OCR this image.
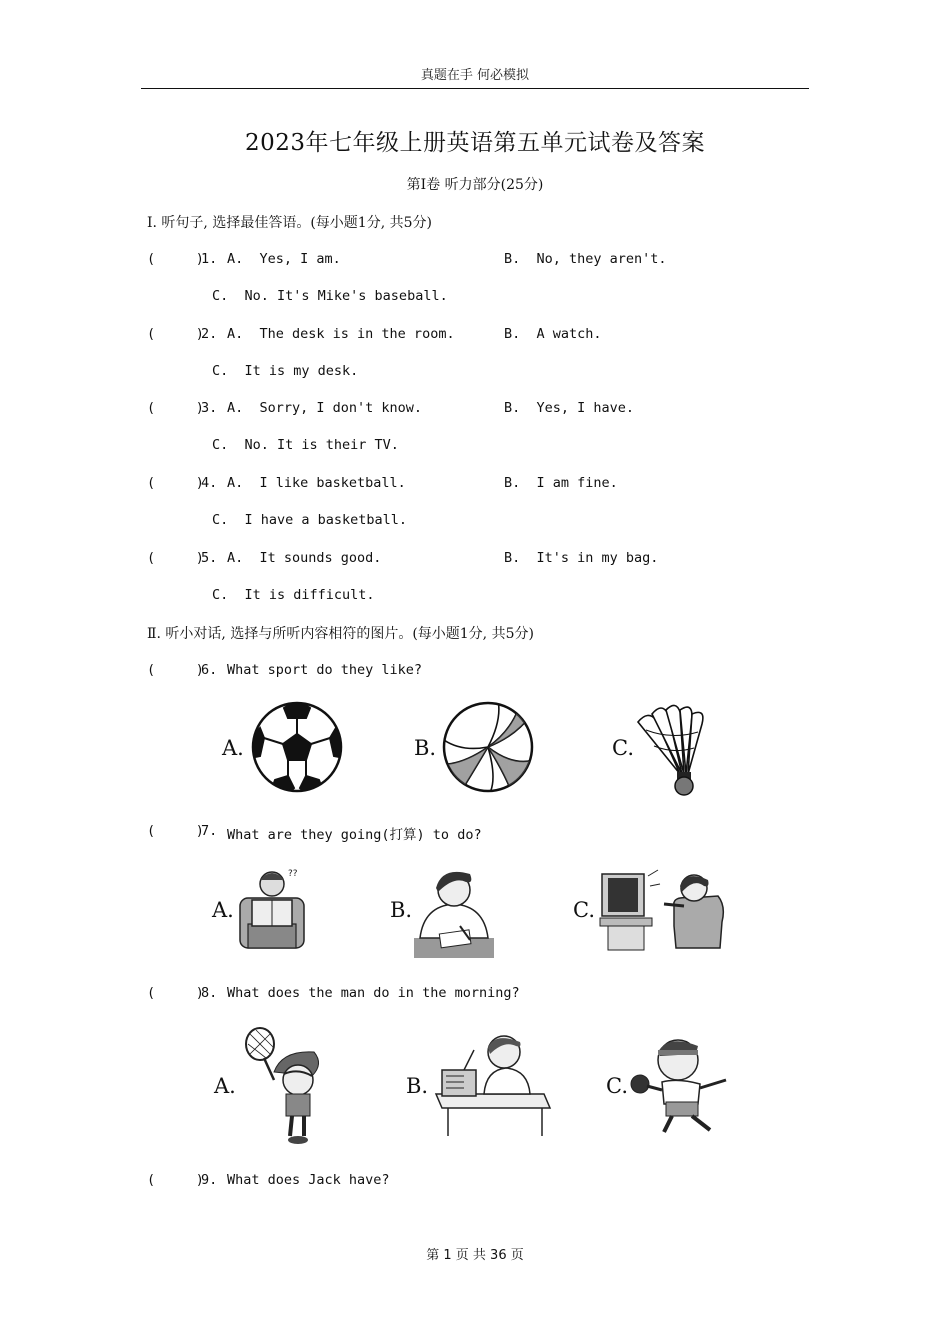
真题在手 何必模拟
2023年七年级上册英语第五单元试卷及答案
第Ⅰ卷 听力部分(25分)
Ⅰ. 听句子, 选择最佳答语。(每小题1分, 共5分)
(     )
1. A.  Yes, I am.	B.  No, they aren't.
C.  No. It's Mike's baseball.
(     )
2. A.  The desk is in the room.	B.  A watch.
C.  It is my desk.
(     )
3. A.  Sorry, I don't know.	B.  Yes, I have.
C.  No. It is their TV.
(     )
4. A.  I like basketball.	B.  I am fine.
C.  I have a basketball.
(     )
5. A.  It sounds good.	B.  It's in my bag.
C.  It is difficult.
Ⅱ. 听小对话, 选择与所听内容相符的图片。(每小题1分, 共5分)
(     )
6. What sport do they like?
A.	B.	C.
(     )
7. What are they going(打算) to do?
A.
??
B.	C.
(     )
8. What does the man do in the morning?
A.	B.	C.
(     )
9. What does Jack have?
第 1 页 共 36 页
